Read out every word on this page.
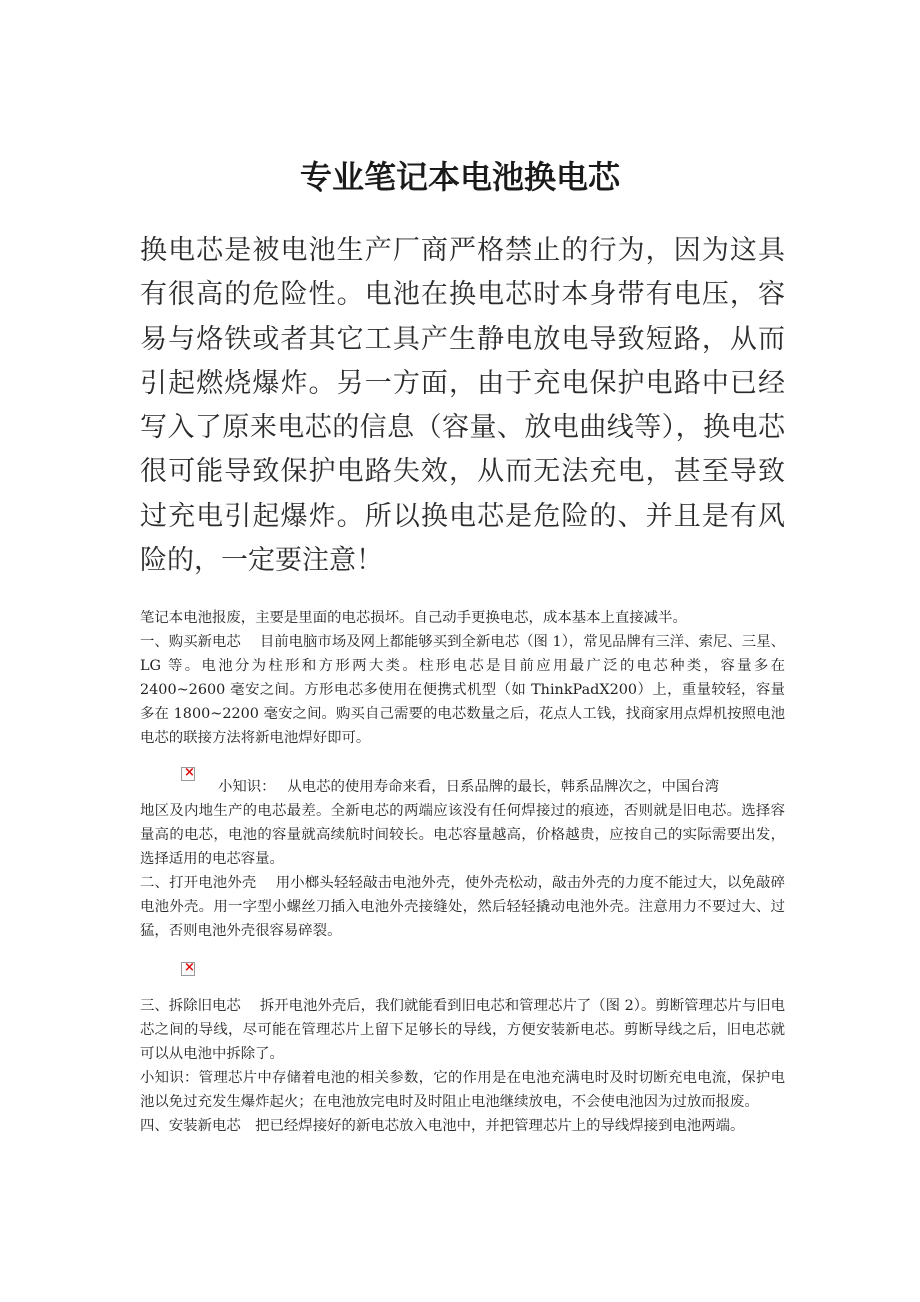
专业笔记本电池换电芯

换电芯是被电池生产厂商严格禁止的行为，因为这具有很高的危险性。电池在换电芯时本身带有电压，容易与烙铁或者其它工具产生静电放电导致短路，从而引起燃烧爆炸。另一方面，由于充电保护电路中已经写入了原来电芯的信息（容量、放电曲线等），换电芯很可能导致保护电路失效，从而无法充电，甚至导致过充电引起爆炸。所以换电芯是危险的、并且是有风险的，一定要注意！

笔记本电池报废，主要是里面的电芯损坏。自己动手更换电芯，成本基本上直接减半。

一、购买新电芯　 目前电脑市场及网上都能够买到全新电芯（图 1），常见品牌有三洋、索尼、三星、LG 等。电池分为柱形和方形两大类。柱形电芯是目前应用最广泛的电芯种类，容量多在 2400~2600 毫安之间。方形电芯多使用在便携式机型（如 ThinkPadX200）上，重量较轻，容量多在 1800~2200 毫安之间。购买自己需要的电芯数量之后，花点人工钱，找商家用点焊机按照电池电芯的联接方法将新电池焊好即可。

×

小知识：　 从电芯的使用寿命来看，日系品牌的最长，韩系品牌次之，中国台湾

地区及内地生产的电芯最差。全新电芯的两端应该没有任何焊接过的痕迹，否则就是旧电芯。选择容量高的电芯，电池的容量就高续航时间较长。电芯容量越高，价格越贵，应按自己的实际需要出发，选择适用的电芯容量。

二、打开电池外壳　 用小榔头轻轻敲击电池外壳，使外壳松动，敲击外壳的力度不能过大，以免敲碎电池外壳。用一字型小螺丝刀插入电池外壳接缝处，然后轻轻撬动电池外壳。注意用力不要过大、过猛，否则电池外壳很容易碎裂。

×

三、拆除旧电芯　 拆开电池外壳后，我们就能看到旧电芯和管理芯片了（图 2）。剪断管理芯片与旧电芯之间的导线，尽可能在管理芯片上留下足够长的导线，方便安装新电芯。剪断导线之后，旧电芯就可以从电池中拆除了。

小知识：管理芯片中存储着电池的相关参数，它的作用是在电池充满电时及时切断充电电流，保护电池以免过充发生爆炸起火；在电池放完电时及时阻止电池继续放电，不会使电池因为过放而报废。

四、安装新电芯　把已经焊接好的新电芯放入电池中，并把管理芯片上的导线焊接到电池两端。
